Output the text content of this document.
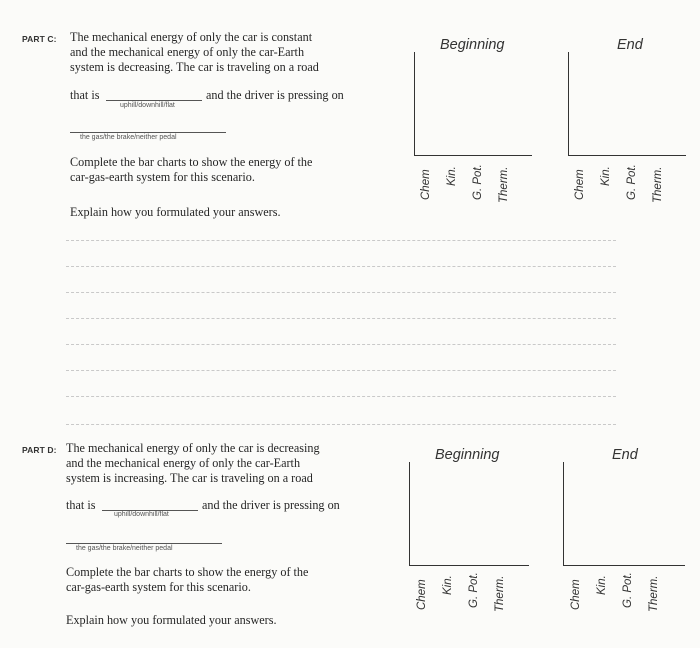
PART C: The mechanical energy of only the car is constant
and the mechanical energy of only the car-Earth
system is decreasing. The car is traveling on a road
that is
uphill/downhill/flat
and the driver is pressing on
the gas/the brake/neither pedal
Complete the bar charts to show the energy of the
car-gas-earth system for this scenario.
Explain how you formulated your answers.
Beginning
Chem Kin. G. Pot. Therm.
End
Chem Kin. G. Pot. Therm.
PART D: The mechanical energy of only the car is decreasing
and the mechanical energy of only the car-Earth
system is increasing. The car is traveling on a road
that is
uphill/downhill/flat
and the driver is pressing on
the gas/the brake/neither pedal
Complete the bar charts to show the energy of the
car-gas-earth system for this scenario.
Explain how you formulated your answers.
Beginning
Chem Kin. G. Pot. Therm.
End
Chem Kin. G. Pot. Therm.
